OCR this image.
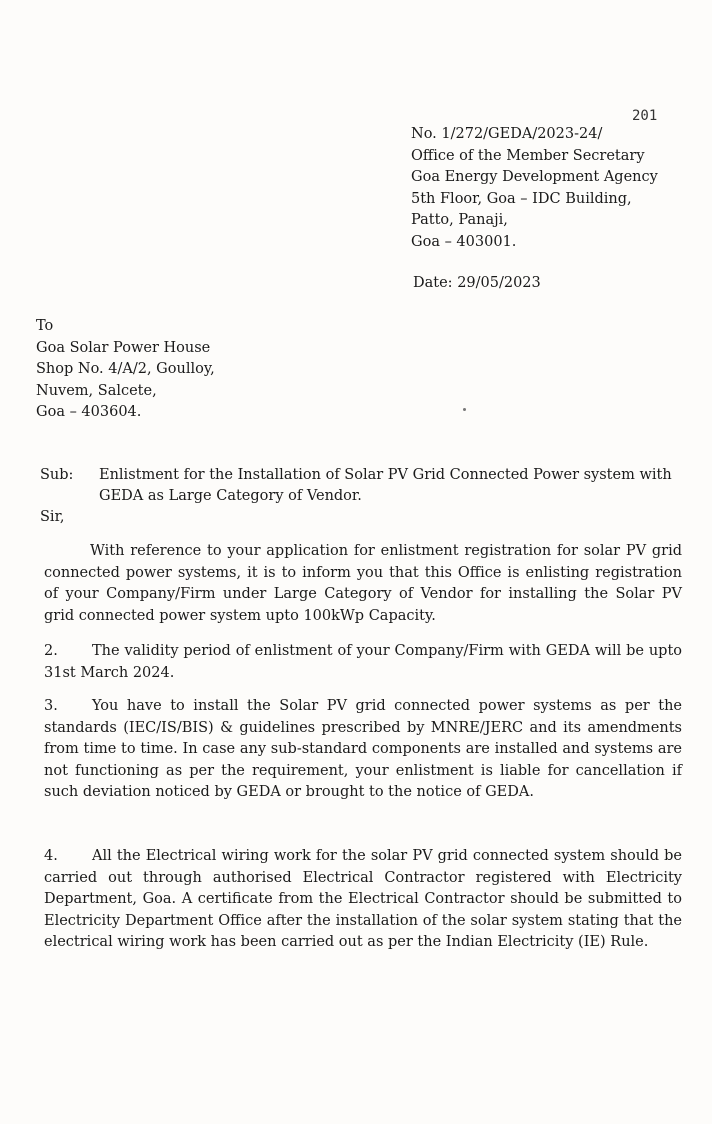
201
No. 1/272/GEDA/2023-24/
Office of the Member Secretary
Goa Energy Development Agency
5th Floor, Goa – IDC Building,
Patto, Panaji,
Goa – 403001.
Date: 29/05/2023
To
Goa Solar Power House
Shop No. 4/A/2, Goulloy,
Nuvem, Salcete,
Goa – 403604.
Sub: Enlistment for the Installation of Solar PV Grid Connected Power system with GEDA as Large Category of Vendor.
Sir,
With reference to your application for enlistment registration for solar PV grid connected power systems, it is to inform you that this Office is enlisting registration of your Company/Firm under Large Category of Vendor for installing the Solar PV grid connected power system upto 100kWp Capacity.
2. The validity period of enlistment of your Company/Firm with GEDA will be upto 31st March 2024.
3. You have to install the Solar PV grid connected power systems as per the standards (IEC/IS/BIS) & guidelines prescribed by MNRE/JERC and its amendments from time to time. In case any sub-standard components are installed and systems are not functioning as per the requirement, your enlistment is liable for cancellation if such deviation noticed by GEDA or brought to the notice of GEDA.
4. All the Electrical wiring work for the solar PV grid connected system should be carried out through authorised Electrical Contractor registered with Electricity Department, Goa. A certificate from the Electrical Contractor should be submitted to Electricity Department Office after the installation of the solar system stating that the electrical wiring work has been carried out as per the Indian Electricity (IE) Rule.
